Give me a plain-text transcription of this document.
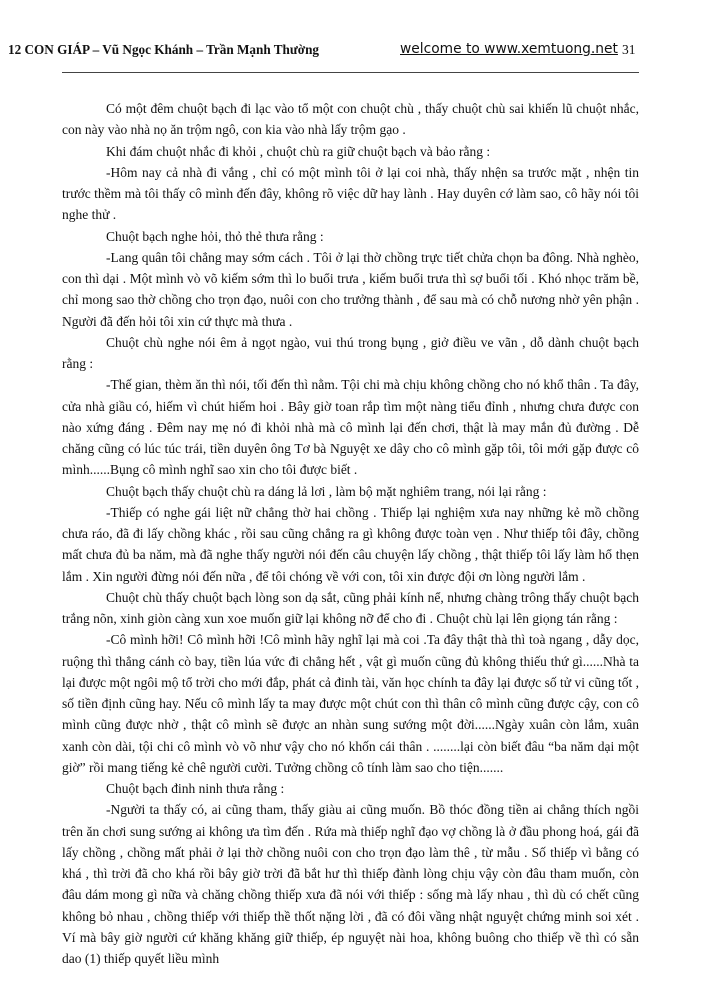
12 CON GIÁP – Vũ Ngọc Khánh – Trần Mạnh Thường	welcome to www.xemtuong.net 31

Có một đêm chuột bạch đi lạc vào tổ một con chuột chù , thấy chuột chù sai khiến lũ chuột nhắc, con này vào nhà nọ ăn trộm ngô, con kia vào nhà lấy trộm gạo .

Khi đám chuột nhắc đi khỏi , chuột chù ra giữ chuột bạch và bảo rằng :

-Hôm nay cả nhà đi vắng , chỉ có một mình tôi ở lại coi nhà, thấy nhện sa trước mặt , nhện tin trước thềm mà tôi thấy cô mình đến đây, không rõ việc dữ hay lành . Hay duyên cớ làm sao, cô hãy nói tôi nghe thử .

Chuột bạch nghe hỏi, thỏ thẻ thưa rằng :

-Lang quân tôi chẳng may sớm cách . Tôi ở lại thờ chồng trực tiết chửa chọn ba đông. Nhà nghèo, con thì dại . Một mình vò võ kiếm sớm thì lo buổi trưa , kiếm buổi trưa thì sợ buổi tối . Khó nhọc trăm bề, chỉ mong sao thờ chồng cho trọn đạo, nuôi con cho trưởng thành , để sau mà có chỗ nương nhờ yên phận . Người đã đến hỏi tôi xin cứ thực mà thưa .

Chuột chù nghe nói êm ả ngọt ngào, vui thú trong bụng , giở điều ve vãn , dỗ dành chuột bạch rằng :

-Thế gian, thèm ăn thì nói, tối đến thì nằm. Tội chi mà chịu không chồng cho nó khổ thân . Ta đây, cửa nhà giầu có, hiếm vì chút hiếm hoi . Bây giờ toan rắp tìm một nàng tiểu đỉnh , nhưng chưa được con nào xứng đáng . Đêm nay mẹ nó đi khỏi nhà mà cô mình lại đến chơi, thật là may mắn đủ đường . Dễ chăng cũng có lúc túc trái, tiền duyên ông Tơ bà Nguyệt xe dây cho cô mình gặp tôi, tôi mới gặp được cô mình......Bụng cô mình nghĩ sao xin cho tôi được biết .

Chuột bạch thấy chuột chù ra dáng lả lơi , làm bộ mặt nghiêm trang, nói lại rằng :

-Thiếp có nghe gái liệt nữ chẳng thờ hai chồng . Thiếp lại nghiệm xưa nay những kẻ mồ chồng chưa ráo, đã đi lấy chồng khác , rồi sau cũng chẳng ra gì không được toàn vẹn . Như thiếp tôi đây, chồng mất chưa đủ ba năm, mà đã nghe thấy người nói đến câu chuyện lấy chồng , thật thiếp tôi lấy làm hổ thẹn lắm . Xin người đừng nói đến nữa , để tôi chóng về với con, tôi xin được đội ơn lòng người lắm .

Chuột chù thấy chuột bạch lòng son dạ sắt, cũng phải kính nể, nhưng chàng trông thấy chuột bạch trắng nõn, xinh giòn càng xun xoe muốn giữ lại không nỡ để cho đi . Chuột chù lại lên giọng tán rằng :

-Cô mình hỡi! Cô mình hỡi !Cô mình hãy nghĩ lại mà coi .Ta đây thật thà thì toà ngang , dẫy dọc, ruộng thì thẳng cánh cò bay, tiền lúa vức đi chẳng hết , vật gì muốn cũng đủ không thiếu thứ gì......Nhà ta lại được một ngôi mộ tổ trời cho mới đắp, phát cả đinh tài, văn học chính ta đây lại được số tử vi cũng tốt , số tiền định cũng hay. Nếu cô mình lấy ta may được một chút con thì thân cô mình cũng được cậy, con cô mình cũng được nhờ , thật cô mình sẽ được an nhàn sung sướng một đời......Ngày xuân còn lắm, xuân xanh còn dài, tội chi cô mình vò võ như vậy cho nó khốn cái thân . ........lại còn biết đâu “ba năm dại một giờ” rồi mang tiếng kẻ chê người cười. Tưởng chồng cô tính làm sao cho tiện.......

Chuột bạch đinh ninh thưa rằng :

-Người ta thấy có, ai cũng tham, thấy giàu ai cũng muốn. Bồ thóc đồng tiền ai chẳng thích ngồi trên ăn chơi sung sướng ai không ưa tìm đến . Rứa mà thiếp nghĩ đạo vợ chồng là ở đầu phong hoá, gái đã lấy chồng , chồng mất phải ở lại thờ chồng nuôi con cho trọn đạo làm thê , từ mẫu . Số thiếp vì bằng có khá , thì trời đã cho khá rồi bây giờ trời đã bắt hư thì thiếp đành lòng chịu vậy còn đâu tham muốn, còn đâu dám mong gì nữa và chăng chồng thiếp xưa đã nói với thiếp : sống mà lấy nhau , thì dù có chết cũng không bỏ nhau , chồng thiếp với thiếp thề thốt nặng lời , đã có đôi vầng nhật nguyệt chứng minh soi xét . Ví mà bây giờ người cứ khăng khăng giữ thiếp, ép nguyệt nài hoa, không buông cho thiếp về thì có sẵn dao (1) thiếp quyết liều mình
